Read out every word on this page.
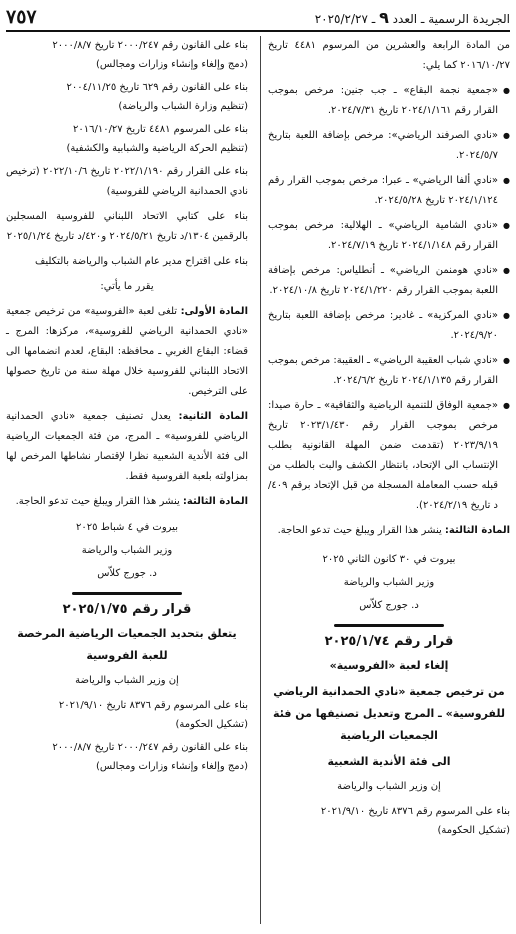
الجريدة الرسمية ـ العدد ٩ ـ ٢٠٢٥/٢/٢٧
٧٥٧

من المادة الرابعة والعشرين من المرسوم ٤٤٨١ تاريخ ٢٠١٦/١٠/٢٧ كما يلي:

● «جمعية نجمة البقاع» ـ جب جنين: مرخص بموجب القرار رقم ٢٠٢٤/١/١٦١ تاريخ ٢٠٢٤/٧/٣١.
● «نادي الصرفند الرياضي»: مرخص بإضافة اللعبة بتاريخ ٢٠٢٤/٥/٧.
● «نادي ألفا الرياضي» ـ عبرا: مرخص بموجب القرار رقم ٢٠٢٤/١/١٢٤ تاريخ ٢٠٢٤/٥/٢٨.
● «نادي الشامية الرياضي» ـ الهلالية: مرخص بموجب القرار رقم ٢٠٢٤/١/١٤٨ تاريخ ٢٠٢٤/٧/١٩.
● «نادي هومنمن الرياضي» ـ أنطلياس: مرخص بإضافة اللعبة بموجب القرار رقم ٢٠٢٤/١/٢٢٠ تاريخ ٢٠٢٤/١٠/٨.
● «نادي المركزية» ـ غادير: مرخص بإضافة اللعبة بتاريخ ٢٠٢٤/٩/٢٠.
● «نادي شباب العقيبة الرياضي» ـ العقيبة: مرخص بموجب القرار رقم ٢٠٢٤/١/١٣٥ تاريخ ٢٠٢٤/٦/٢.
● «جمعية الوفاق للتنمية الرياضية والثقافية» ـ حارة صيدا: مرخص بموجب القرار رقم ٢٠٢٣/١/٤٣٠ تاريخ ٢٠٢٣/٩/١٩ (تقدمت ضمن المهلة القانونية بطلب الإنتساب الى الإتحاد، بانتظار الكشف والبت بالطلب من قبله حسب المعاملة المسجلة من قبل الإتحاد برقم ٤٠٩/د تاريخ ٢٠٢٤/٢/١٩).

المادة الثالثة: ينشر هذا القرار ويبلغ حيث تدعو الحاجة.

بيروت في ٣٠ كانون الثاني ٢٠٢٥
وزير الشباب والرياضة
د. جورج كلاّس
قرار رقم ٢٠٢٥/١/٧٤
إلغاء لعبة «الفروسية»
من ترخيص جمعية «نادي الحمدانية الرياضي للفروسية» ـ المرج وتعديل تصنيفها من فئة الجمعيات الرياضية
الى فئة الأندية الشعبية

إن وزير الشباب والرياضة

بناء على المرسوم رقم ٨٣٧٦ تاريخ ٢٠٢١/٩/١٠
(تشكيل الحكومة)
بناء على القانون رقم ٢٠٠٠/٢٤٧ تاريخ ٢٠٠٠/٨/٧
(دمج وإلغاء وإنشاء وزارات ومجالس)
بناء على القانون رقم ٦٢٩ تاريخ ٢٠٠٤/١١/٢٥
(تنظيم وزارة الشباب والرياضة)
بناء على المرسوم ٤٤٨١ تاريخ ٢٠١٦/١٠/٢٧
(تنظيم الحركة الرياضية والشبابية والكشفية)

بناء على القرار رقم ٢٠٢٢/١/١٩٠ تاريخ ٢٠٢٢/١٠/٦ (ترخيص نادي الحمدانية الرياضي للفروسية)

بناء على كتابي الاتحاد اللبناني للفروسية المسجلين بالرقمين ١٣٠٤/د تاريخ ٢٠٢٤/٥/٢١ و٤٢٠/د تاريخ ٢٠٢٥/١/٢٤

بناء على اقتراح مدير عام الشباب والرياضة بالتكليف

يقرر ما يأتي:

المادة الأولى: تلغى لعبة «الفروسية» من ترخيص جمعية «نادي الحمدانية الرياضي للفروسية»، مركزها: المرج ـ قضاء: البقاع الغربي ـ محافظة: البقاع، لعدم انضمامها الى الاتحاد اللبناني للفروسية خلال مهلة سنة من تاريخ حصولها على الترخيص.

المادة الثانية: يعدل تصنيف جمعية «نادي الحمدانية الرياضي للفروسية» ـ المرج، من فئة الجمعيات الرياضية الى فئة الأندية الشعبية نظرا لإقتصار نشاطها المرخص لها بمزاولته بلعبة الفروسية فقط.

المادة الثالثة: ينشر هذا القرار ويبلغ حيث تدعو الحاجة.

بيروت في ٤ شباط ٢٠٢٥
وزير الشباب والرياضة
د. جورج كلاّس
قرار رقم ٢٠٢٥/١/٧٥
يتعلق بتحديد الجمعيات الرياضية المرخصة للعبة الفروسية

إن وزير الشباب والرياضة

بناء على المرسوم رقم ٨٣٧٦ تاريخ ٢٠٢١/٩/١٠
(تشكيل الحكومة)
بناء على القانون رقم ٢٠٠٠/٢٤٧ تاريخ ٢٠٠٠/٨/٧
(دمج وإلغاء وإنشاء وزارات ومجالس)
